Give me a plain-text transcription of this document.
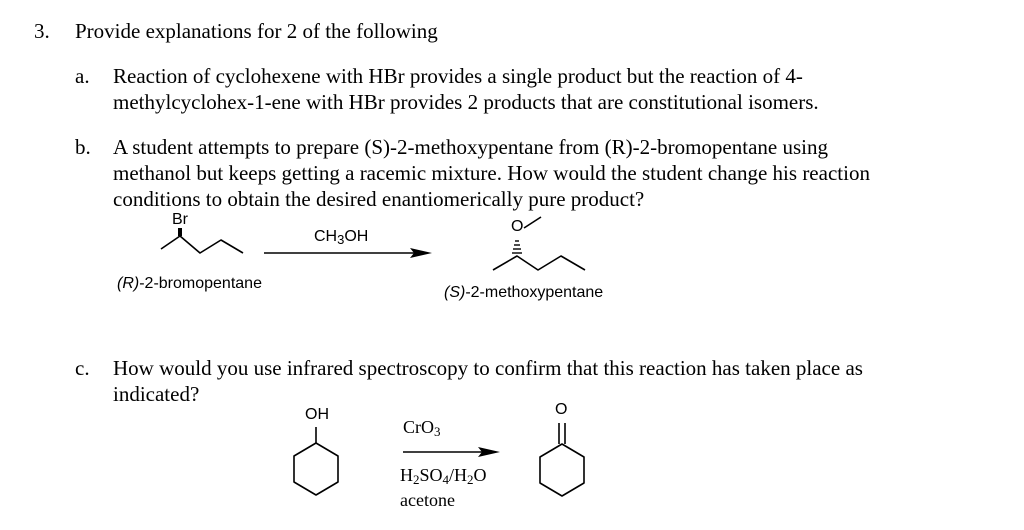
3. Provide explanations for 2 of the following
a. Reaction of cyclohexene with HBr provides a single product but the reaction of 4-
methylcyclohex-1-ene with HBr provides 2 products that are constitutional isomers.
b. A student attempts to prepare (S)-2-methoxypentane from (R)-2-bromopentane using
methanol but keeps getting a racemic mixture. How would the student change his reaction
conditions to obtain the desired enantiomerically pure product?
Br
$CH_3OH$
O
(R)-2-bromopentane
(S)-2-methoxypentane
c. How would you use infrared spectroscopy to confirm that this reaction has taken place as
indicated?
OH
CrO$_3$
$H_2SO_4/H_2O$
acetone
O
